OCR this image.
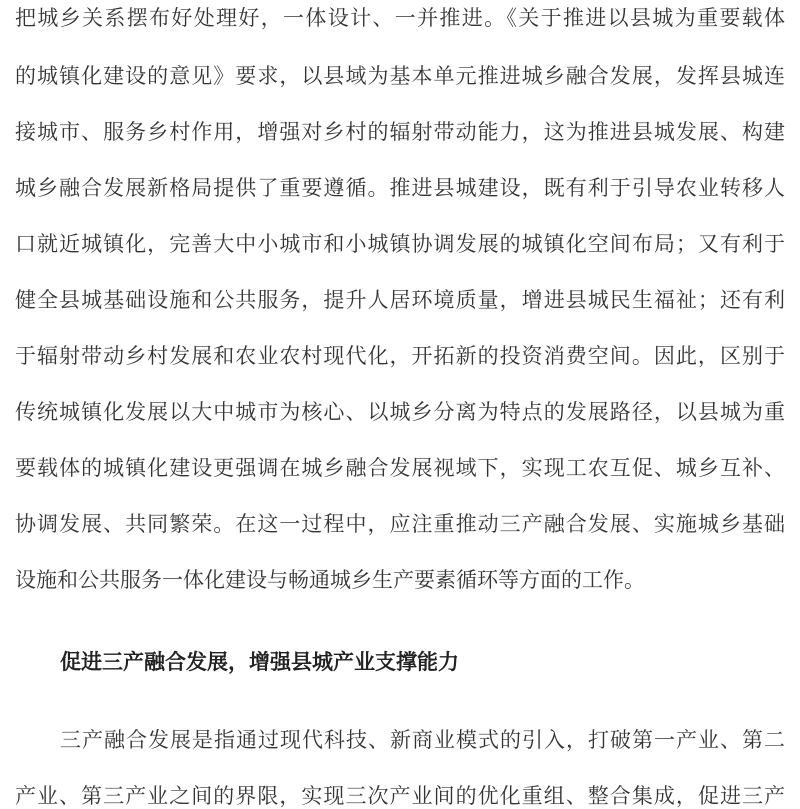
把城乡关系摆布好处理好，一体设计、一并推进。《关于推进以县城为重要载体
的城镇化建设的意见》要求，以县域为基本单元推进城乡融合发展，发挥县城连
接城市、服务乡村作用，增强对乡村的辐射带动能力，这为推进县城发展、构建
城乡融合发展新格局提供了重要遵循。推进县城建设，既有利于引导农业转移人
口就近城镇化，完善大中小城市和小城镇协调发展的城镇化空间布局；又有利于
健全县城基础设施和公共服务，提升人居环境质量，增进县城民生福祉；还有利
于辐射带动乡村发展和农业农村现代化，开拓新的投资消费空间。因此，区别于
传统城镇化发展以大中城市为核心、以城乡分离为特点的发展路径，以县城为重
要载体的城镇化建设更强调在城乡融合发展视域下，实现工农互促、城乡互补、
协调发展、共同繁荣。在这一过程中，应注重推动三产融合发展、实施城乡基础
设施和公共服务一体化建设与畅通城乡生产要素循环等方面的工作。
促进三产融合发展，增强县城产业支撑能力
三产融合发展是指通过现代科技、新商业模式的引入，打破第一产业、第二
产业、第三产业之间的界限，实现三次产业间的优化重组、整合集成，促进三产
